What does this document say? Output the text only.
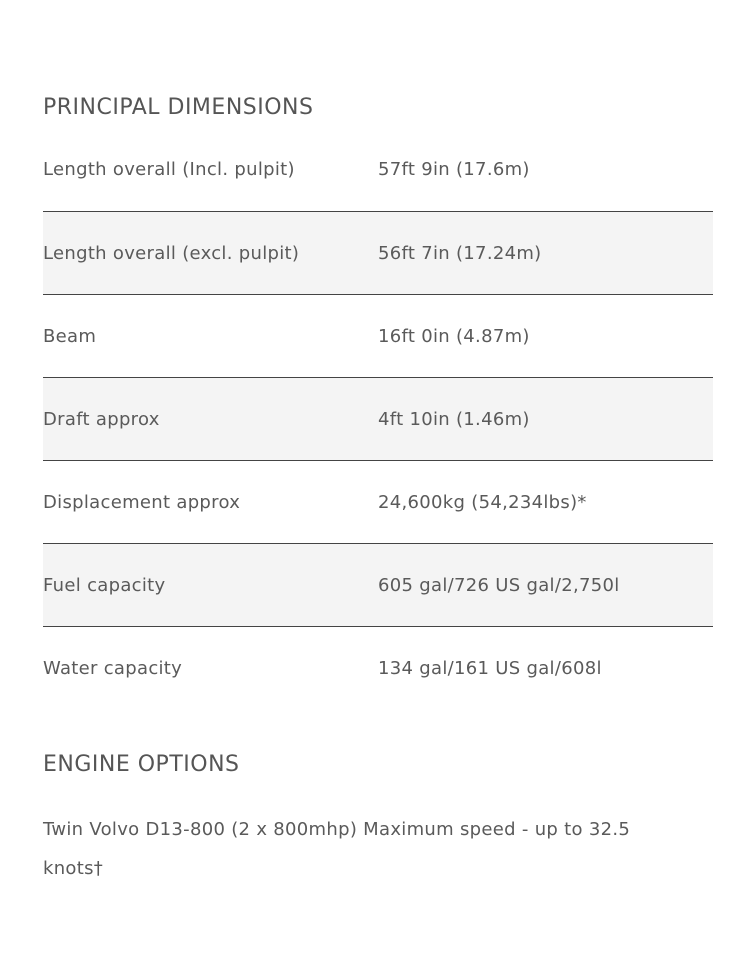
PRINCIPAL DIMENSIONS
Length overall (Incl. pulpit)	57ft 9in (17.6m)
Length overall (excl. pulpit)	56ft 7in (17.24m)
Beam	16ft 0in (4.87m)
Draft approx	4ft 10in (1.46m)
Displacement approx	24,600kg (54,234lbs)*
Fuel capacity	605 gal/726 US gal/2,750l
Water capacity	134 gal/161 US gal/608l
ENGINE OPTIONS

Twin Volvo D13-800 (2 x 800mhp) Maximum speed - up to 32.5 knots†
